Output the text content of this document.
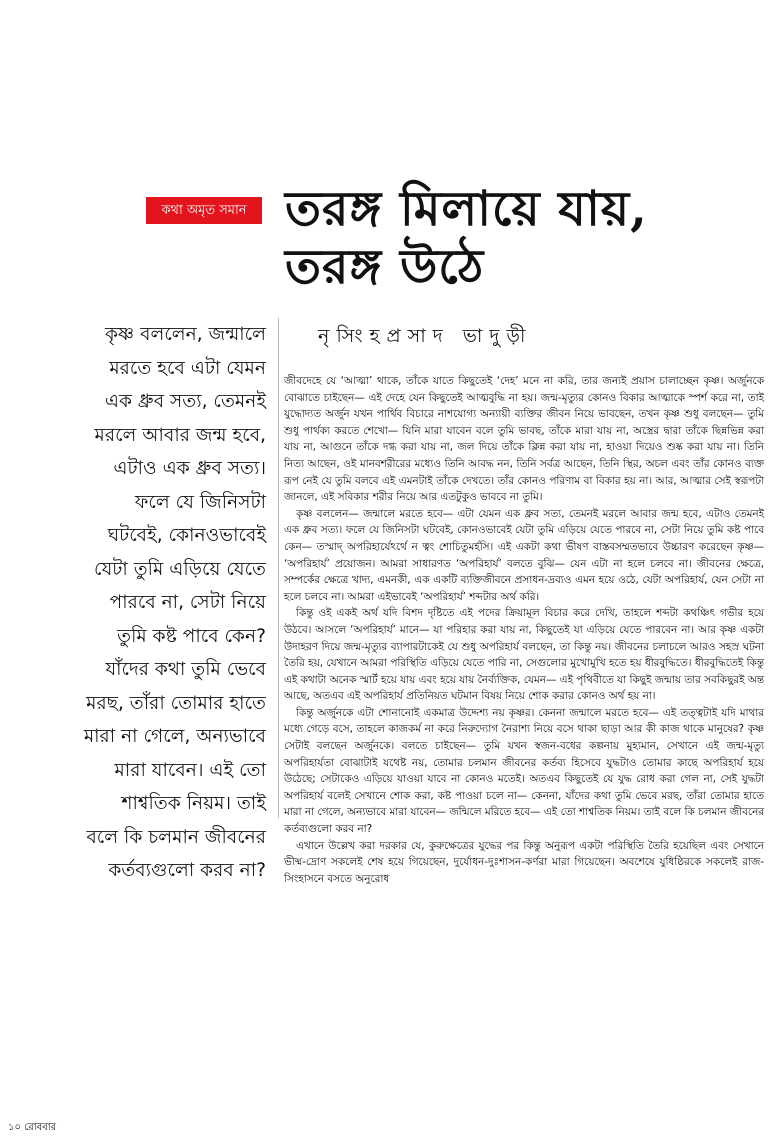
কথা অমৃত সমান তরঙ্গ মিলায়ে যায়,
তরঙ্গ উঠে
নৃসিংহপ্রসাদ ভাদুড়ী
কৃষ্ণ বললেন, জন্মালে
মরতে হবে এটা যেমন
এক ধ্রুব সত্য, তেমনই
মরলে আবার জন্ম হবে,
এটাও এক ধ্রুব সত্য।
ফলে যে জিনিসটা
ঘটবেই, কোনওভাবেই
যেটা তুমি এড়িয়ে যেতে
পারবে না, সেটা নিয়ে
তুমি কষ্ট পাবে কেন?
যাঁদের কথা তুমি ভেবে
মরছ, তাঁরা তোমার হাতে
মারা না গেলে, অন্যভাবে
মারা যাবেন। এই তো
শাশ্বতিক নিয়ম। তাই
বলে কি চলমান জীবনের
কর্তব্যগুলো করব না?

জীবদেহে যে ‘আত্মা’ থাকে, তাঁকে যাতে কিছুতেই ‘দেহ’ মনে না করি, তার জন্যই প্রয়াস চালাচ্ছেন কৃষ্ণ। অর্জুনকে বোঝাতে চাইছেন— এই দেহে যেন কিছুতেই আত্মবুদ্ধি না হয়। জন্ম-মৃত্যুর কোনও বিকার আত্মাকে স্পর্শ করে না, তাই যুদ্ধোদ্যত অর্জুন যখন পার্থিব বিচারে নাশযোগ্য অন্যায়ী ব্যক্তির জীবন নিয়ে ভাবছেন, তখন কৃষ্ণ শুধু বলছেন— তুমি শুধু পার্থক্য করতে শেখো— যিনি মারা যাবেন বলে তুমি ভাবছ, তাঁকে মারা যায় না, অস্ত্রের দ্বারা তাঁকে ছিন্নভিন্ন করা যায় না, আগুনে তাঁকে দগ্ধ করা যায় না, জল দিয়ে তাঁকে ক্লিন্ন করা যায় না, হাওয়া দিয়েও শুষ্ক করা যায় না। তিনি নিত্য আছেন, ওই মানবশরীরের মধ্যেও তিনি আবদ্ধ নন, তিনি সর্বত্র আছেন, তিনি স্থির, অচল এবং তাঁর কোনও ব্যক্ত রূপ নেই যে তুমি বলবে এই এমনটাই তাঁকে দেখতে। তাঁর কোনও পরিণাম বা বিকার হয় না। আর, আত্মার সেই স্বরূপটা জানলে, এই সবিকার শরীর নিয়ে আর এতটুকুও ভাববে না তুমি।

কৃষ্ণ বললেন— জন্মালে মরতে হবে— এটা যেমন এক ধ্রুব সত্য, তেমনই মরলে আবার জন্ম হবে, এটাও তেমনই এক ধ্রুব সত্য। ফলে যে জিনিসটা ঘটবেই, কোনওভাবেই যেটা তুমি এড়িয়ে যেতে পারবে না, সেটা নিয়ে তুমি কষ্ট পাবে কেন— তস্মাদ্ অপরিহার্যেঽর্থে ন ত্বং শোচিতুমর্হসি। এই একটা কথা ভীষণ বাস্তবসম্মতভাবে উচ্চারণ করেছেন কৃষ্ণ— ‘অপরিহার্য’ প্রয়োজন। আমরা সাধারণত ‘অপরিহার্য’ বলতে বুঝি— যেন এটা না হলে চলবে না। জীবনের ক্ষেত্রে, সম্পর্কের ক্ষেত্রে খাদ্য, এমনকী, এক একটি ব্যক্তিজীবনে প্রসাধন-দ্রব্যও এমন হয়ে ওঠে, যেটা অপরিহার্য, যেন সেটা না হলে চলবে না। আমরা এইভাবেই ‘অপরিহার্য’ শব্দটার অর্থ করি।

কিন্তু ওই একই অর্থ যদি বিশদ দৃষ্টিতে এই পদের ক্রিয়ামূল বিচার করে দেখি, তাহলে শব্দটা কথঞ্চিৎ গভীর হয়ে উঠবে। আসলে ‘অপরিহার্য’ মানে— যা পরিহার করা যায় না, কিছুতেই যা এড়িয়ে যেতে পারবেন না। আর কৃষ্ণ একটা উদাহরণ দিয়ে জন্ম-মৃত্যুর ব্যাপারটাকেই যে শুধু অপরিহার্য বলছেন, তা কিন্তু নয়। জীবনের চলাচলে আরও সহস্র ঘটনা তৈরি হয়, যেখানে আমরা পরিস্থিতি এড়িয়ে যেতে পারি না, সেগুলোর মুখোমুখি হতে হয় ধীরবুদ্ধিতে। ধীরবুদ্ধিতেই কিন্তু এই কথাটা অনেক স্মার্ট হয়ে যায় এবং হয়ে যায় নৈর্ব্যক্তিক, যেমন— এই পৃথিবীতে যা কিছুই জন্মায় তার সবকিছুরই অন্ত আছে, অতএব এই অপরিহার্য প্রতিনিয়ত ঘটমান বিষয় নিয়ে শোক করার কোনও অর্থ হয় না।

কিন্তু অর্জুনকে এটা শোনানোই একমাত্র উদ্দেশ্য নয় কৃষ্ণর। কেননা জন্মালে মরতে হবে— এই তত্ত্বটাই যদি মাথার মধ্যে গেড়ে বসে, তাহলে কাজকর্ম না করে নিরুদ্যোগ নৈরাশ্য নিয়ে বসে থাকা ছাড়া আর কী কাজ থাকে মানুষের? কৃষ্ণ সেটাই বলছেন অর্জুনকে। বলতে চাইছেন— তুমি যখন স্বজন-বধের কল্পনায় মুহ্যমান, সেখানে এই জন্ম-মৃত্যু অপরিহার্যতা বোঝাটাই যথেষ্ট নয়, তোমার চলমান জীবনের কর্তব্য হিসেবে যুদ্ধটাও তোমার কাছে অপরিহার্য হয়ে উঠেছে; সেটাকেও এড়িয়ে যাওয়া যাবে না কোনও মতেই। অতএব কিছুতেই যে যুদ্ধ রোধ করা গেল না, সেই যুদ্ধটা অপরিহার্য বলেই সেখানে শোক করা, কষ্ট পাওয়া চলে না— কেননা, যাঁদের কথা তুমি ভেবে মরছ, তাঁরা তোমার হাতে মারা না গেলে, অন্যভাবে মারা যাবেন— জন্মিলে মরিতে হবে— এই তো শাশ্বতিক নিয়ম। তাই বলে কি চলমান জীবনের কর্তব্যগুলো করব না?

এখানে উল্লেখ করা দরকার যে, কুরুক্ষেত্রের যুদ্ধের পর কিন্তু অনুরূপ একটা পরিস্থিতি তৈরি হয়েছিল এবং সেখানে ভীষ্ম-দ্রোণ সকলেই শেষ হয়ে গিয়েছেন, দুর্যোধন-দুঃশাসন-কর্ণরা মারা গিয়েছেন। অবশেষে যুধিষ্ঠিরকে সকলেই রাজ-সিংহাসনে বসতে অনুরোধ

১০ রোববার
